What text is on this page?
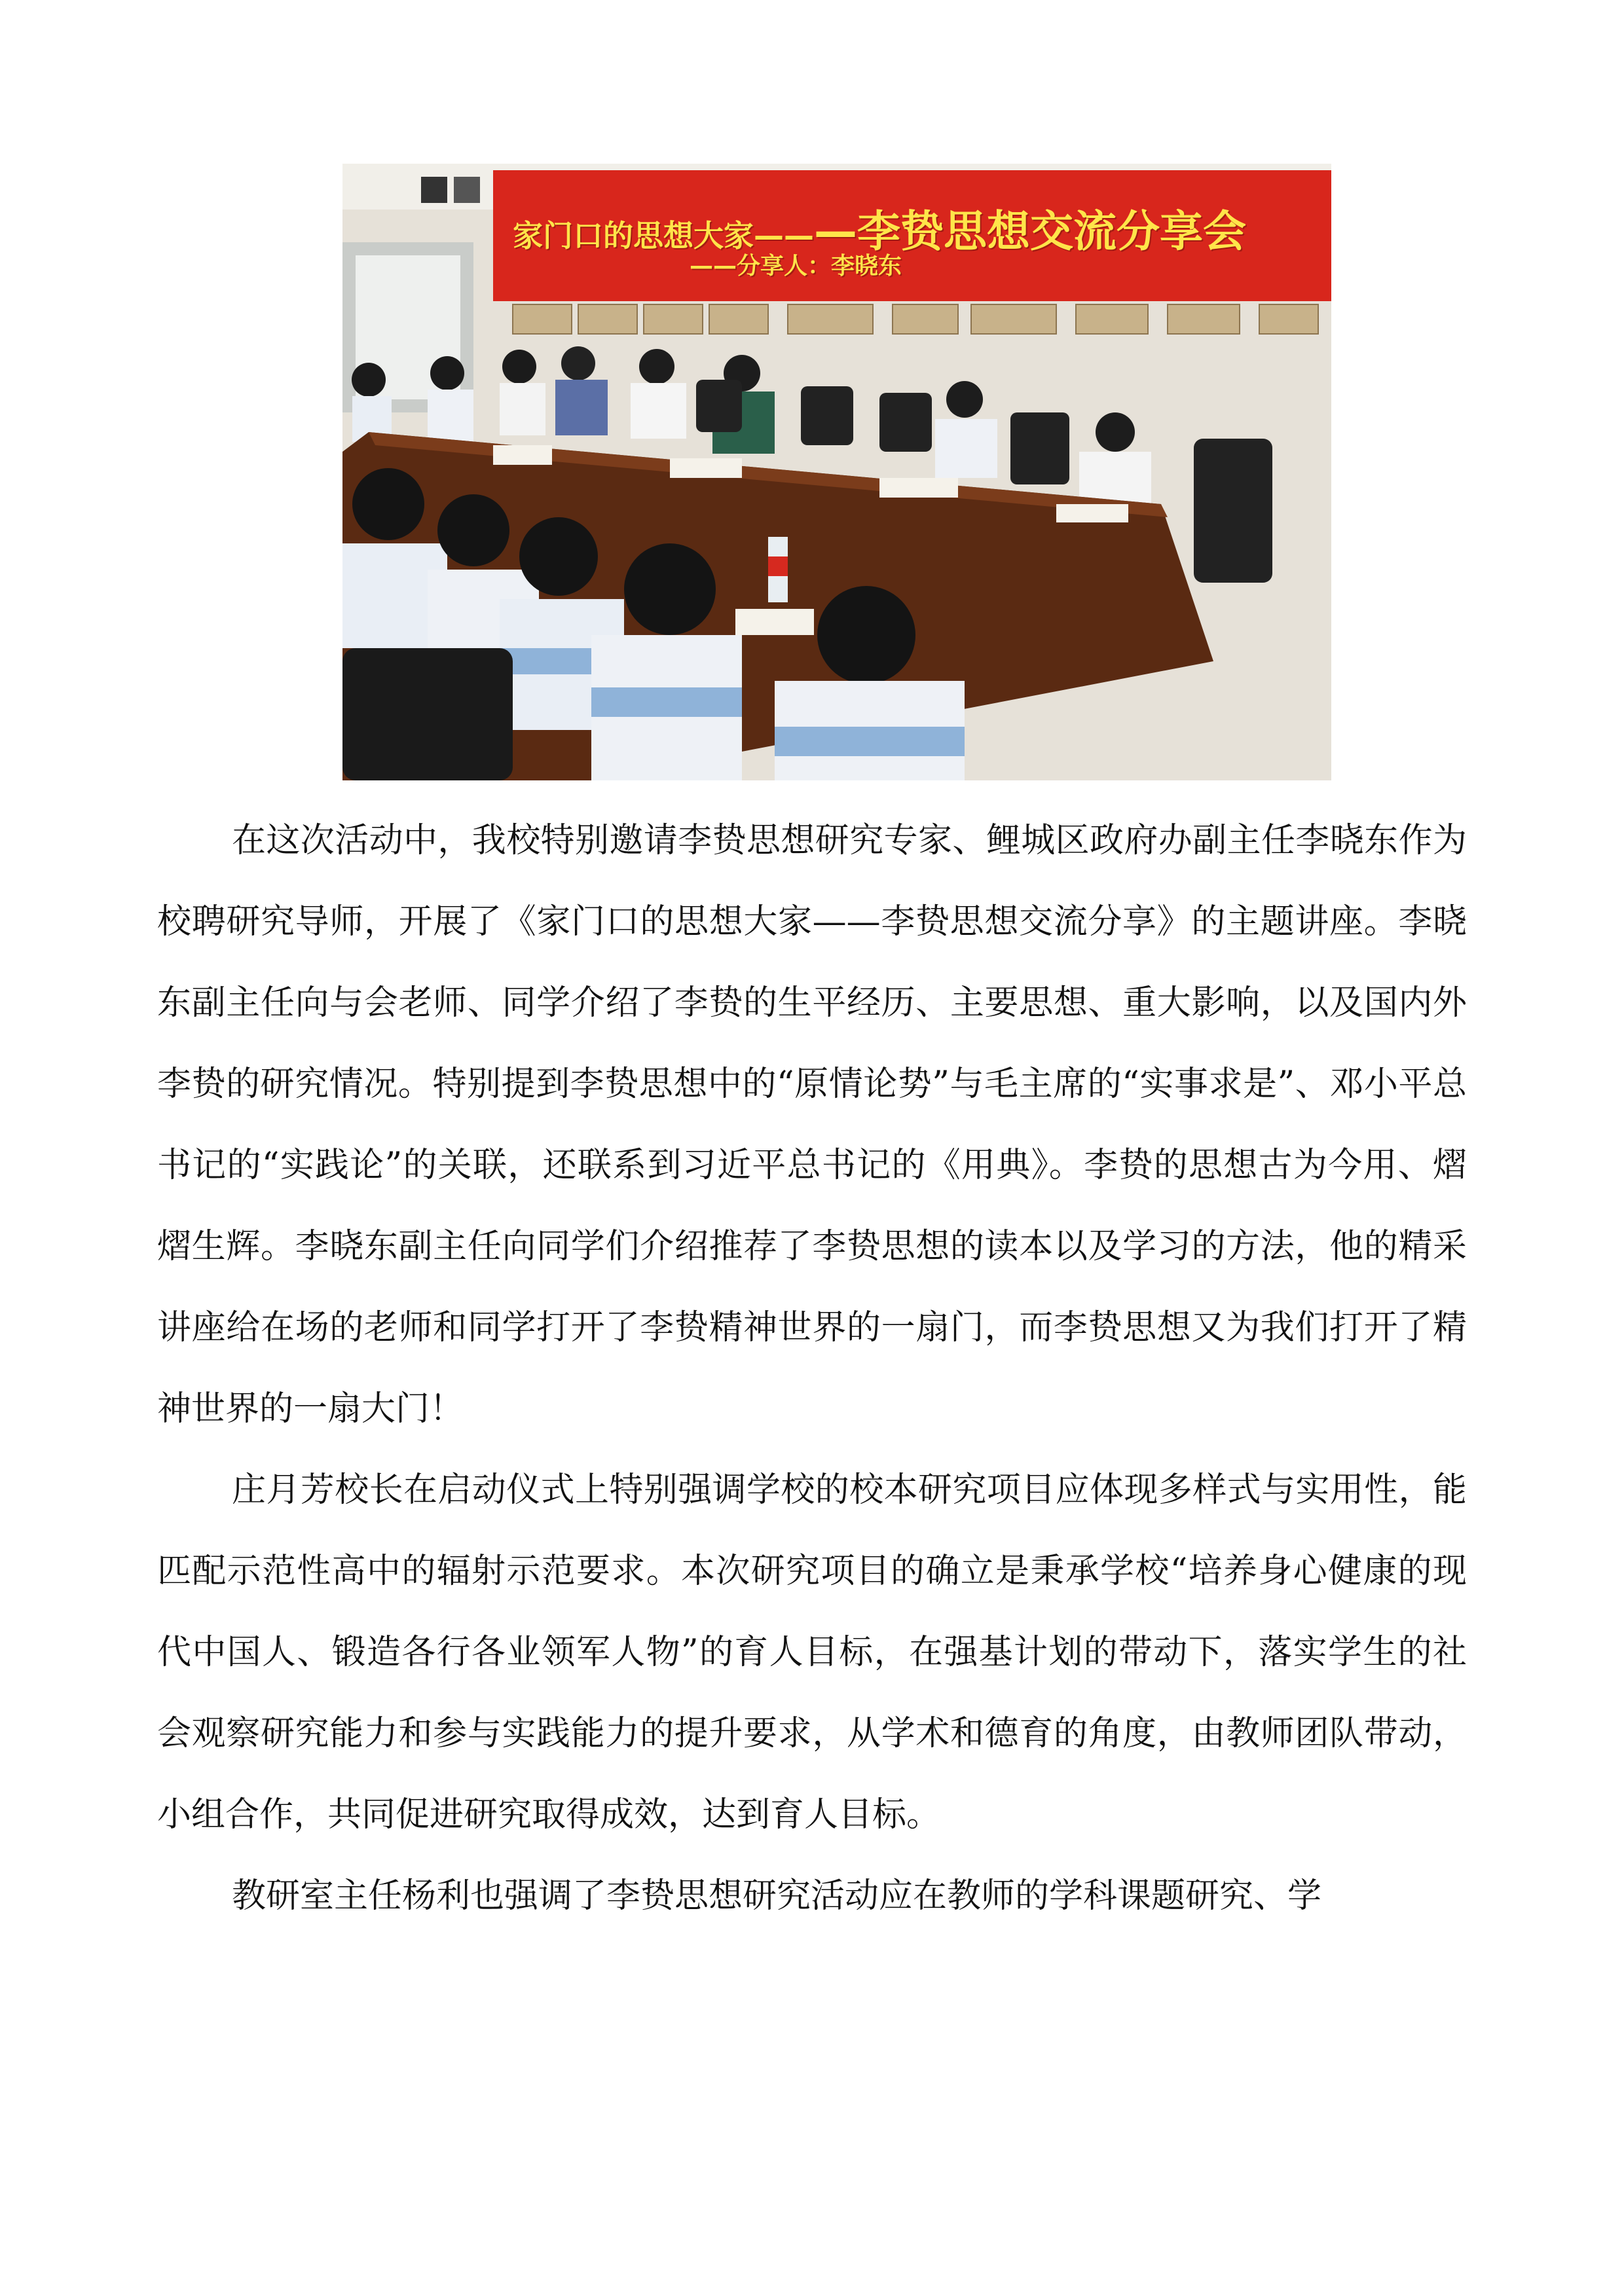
家门口的思想大家———李贽思想交流分享会
——分享人：李晓东

在这次活动中，我校特别邀请李贽思想研究专家、鲤城区政府办副主任李晓东作为校聘研究导师，开展了《家门口的思想大家——李贽思想交流分享》的主题讲座。李晓东副主任向与会老师、同学介绍了李贽的生平经历、主要思想、重大影响，以及国内外李贽的研究情况。特别提到李贽思想中的“原情论势”与毛主席的“实事求是”、邓小平总书记的“实践论”的关联，还联系到习近平总书记的《用典》。李贽的思想古为今用、熠熠生辉。李晓东副主任向同学们介绍推荐了李贽思想的读本以及学习的方法，他的精采讲座给在场的老师和同学打开了李贽精神世界的一扇门，而李贽思想又为我们打开了精神世界的一扇大门！

庄月芳校长在启动仪式上特别强调学校的校本研究项目应体现多样式与实用性，能匹配示范性高中的辐射示范要求。本次研究项目的确立是秉承学校“培养身心健康的现代中国人、锻造各行各业领军人物”的育人目标，在强基计划的带动下，落实学生的社会观察研究能力和参与实践能力的提升要求，从学术和德育的角度，由教师团队带动，小组合作，共同促进研究取得成效，达到育人目标。

教研室主任杨利也强调了李贽思想研究活动应在教师的学科课题研究、学
